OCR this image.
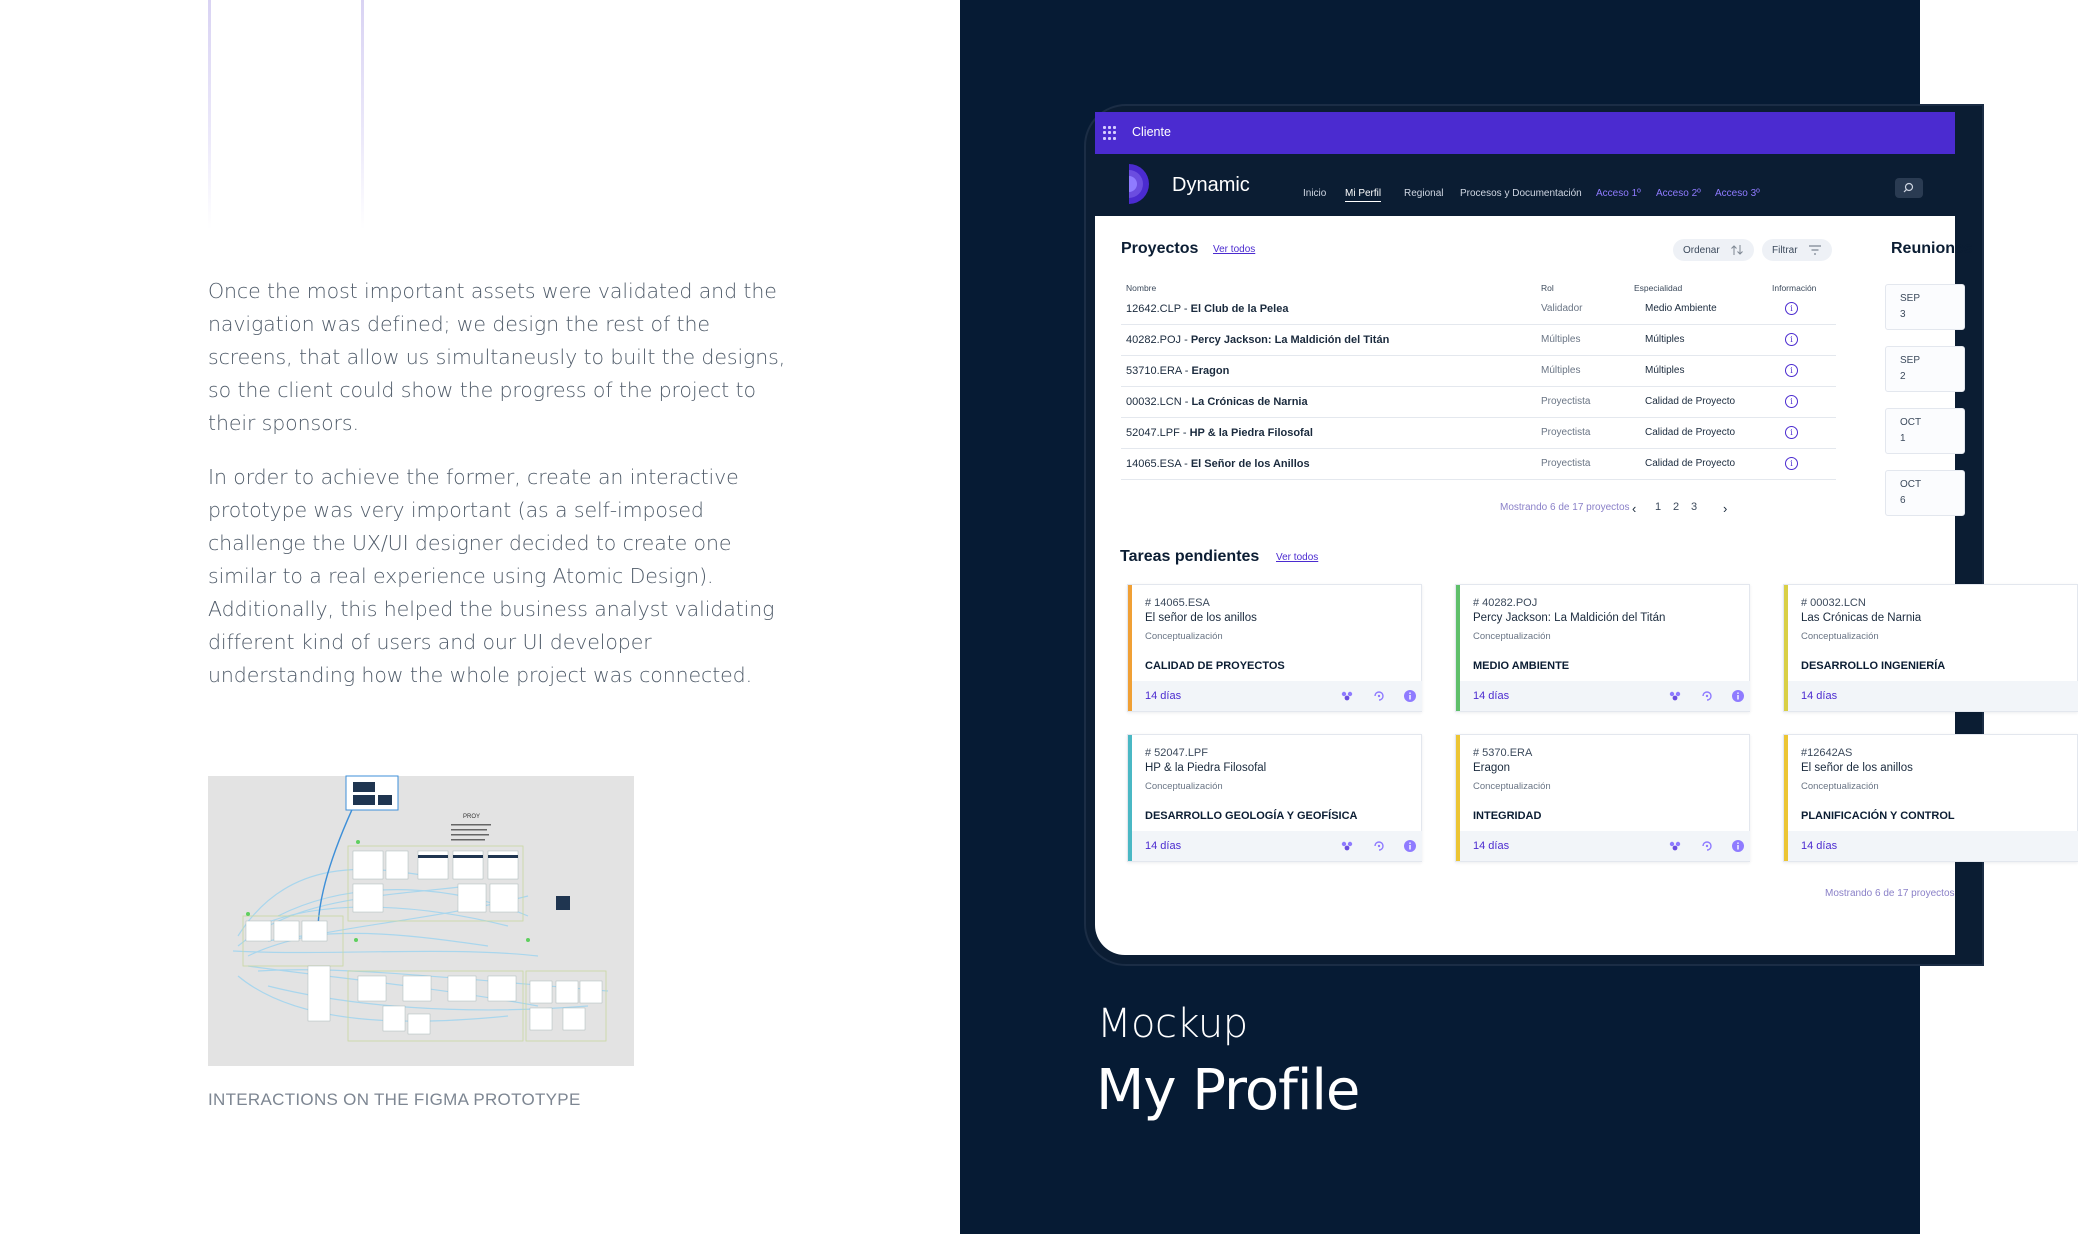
Once the most important assets were validated and the navigation was defined; we design the rest of the screens, that allow us simultaneusly to built the designs, so the client could show the progress of the project to their sponsors.

In order to achieve the former, create an interactive prototype was very important (as a self-imposed challenge the UX/UI designer decided to create one similar to a real experience using Atomic Design). Additionally, this helped the business analyst validating different kind of users and our UI developer understanding how the whole project was connected.

PROY
INTERACTIONS ON THE FIGMA PROTOTYPE
Cliente
Dynamic	Inicio Mi Perfil Regional Procesos y Documentación Acceso 1º Acceso 2º Acceso 3º
Proyectos Ver todos	Ordenar	Filtrar
Nombre	Rol	Especialidad	Información
12642.CLP - El Club de la Pelea	Validador	Medio Ambiente	i
40282.POJ - Percy Jackson: La Maldición del Titán	Múltiples	Múltiples	i
53710.ERA - Eragon	Múltiples	Múltiples	i
00032.LCN - La Crónicas de Narnia	Proyectista	Calidad de Proyecto	i
52047.LPF - HP & la Piedra Filosofal	Proyectista	Calidad de Proyecto	i
14065.ESA - El Señor de los Anillos	Proyectista	Calidad de Proyecto	i
Mostrando 6 de 17 proyectos ‹ 1 2 3 ›
Tareas pendientes Ver todos
# 14065.ESA
El señor de los anillos
Conceptualización
CALIDAD DE PROYECTOS
14 días
# 40282.POJ
Percy Jackson: La Maldición del Titán
Conceptualización
MEDIO AMBIENTE
14 días
# 00032.LCN
Las Crónicas de Narnia
Conceptualización
DESARROLLO INGENIERÍA
14 días
# 52047.LPF
HP & la Piedra Filosofal
Conceptualización
DESARROLLO GEOLOGÍA Y GEOFÍSICA
14 días
# 5370.ERA
Eragon
Conceptualización
INTEGRIDAD
14 días
#12642AS
El señor de los anillos
Conceptualización
PLANIFICACIÓN Y CONTROL
14 días
Mostrando 6 de 17 proyectos
Reuniones
SEP
3
SEP
2
OCT
1
OCT
6
Mockup
My Profile
